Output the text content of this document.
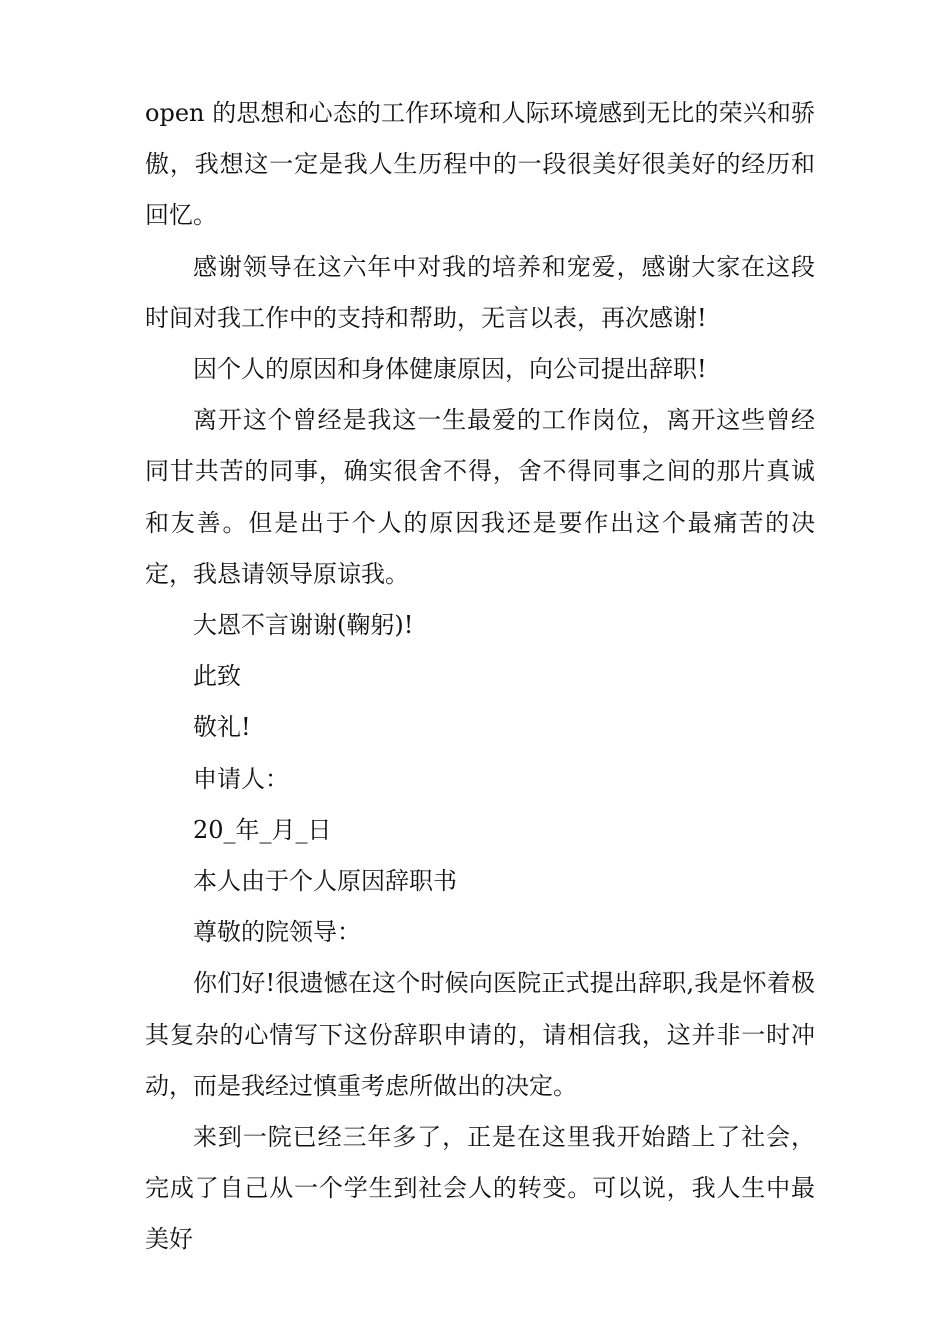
open 的思想和心态的工作环境和人际环境感到无比的荣兴和骄傲，我想这一定是我人生历程中的一段很美好很美好的经历和回忆。

感谢领导在这六年中对我的培养和宠爱，感谢大家在这段时间对我工作中的支持和帮助，无言以表，再次感谢!

因个人的原因和身体健康原因，向公司提出辞职!

离开这个曾经是我这一生最爱的工作岗位，离开这些曾经同甘共苦的同事，确实很舍不得，舍不得同事之间的那片真诚和友善。但是出于个人的原因我还是要作出这个最痛苦的决定，我恳请领导原谅我。

大恩不言谢谢(鞠躬)!

此致

敬礼!

申请人：

20_年_月_日

本人由于个人原因辞职书

尊敬的院领导：

你们好!很遗憾在这个时候向医院正式提出辞职,我是怀着极其复杂的心情写下这份辞职申请的，请相信我，这并非一时冲动，而是我经过慎重考虑所做出的决定。

来到一院已经三年多了，正是在这里我开始踏上了社会，完成了自己从一个学生到社会人的转变。可以说，我人生中最美好
